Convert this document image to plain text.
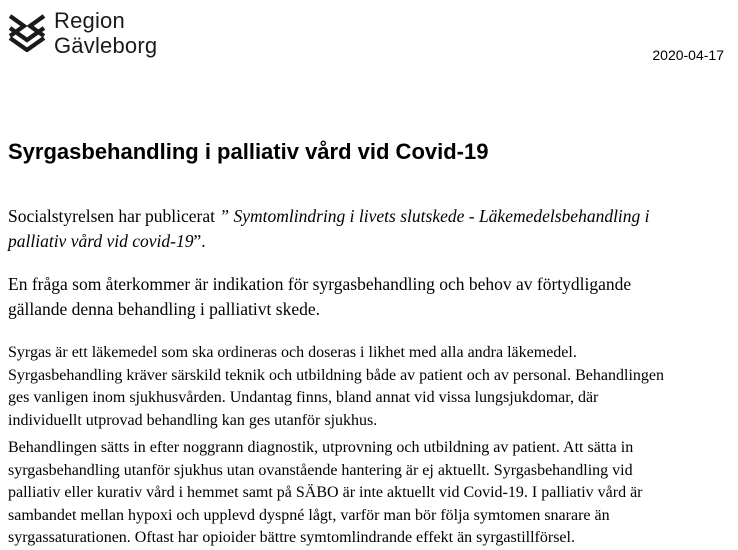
Region
Gävleborg	2020-04-17
Syrgasbehandling i palliativ vård vid Covid-19

Socialstyrelsen har publicerat ” Symtomlindring i livets slutskede - Läkemedelsbehandling i
palliativ vård vid covid-19”.

En fråga som återkommer är indikation för syrgasbehandling och behov av förtydligande
gällande denna behandling i palliativt skede.

Syrgas är ett läkemedel som ska ordineras och doseras i likhet med alla andra läkemedel.
Syrgasbehandling kräver särskild teknik och utbildning både av patient och av personal. Behandlingen
ges vanligen inom sjukhusvården. Undantag finns, bland annat vid vissa lungsjukdomar, där
individuellt utprovad behandling kan ges utanför sjukhus.

Behandlingen sätts in efter noggrann diagnostik, utprovning och utbildning av patient. Att sätta in
syrgasbehandling utanför sjukhus utan ovanstående hantering är ej aktuellt. Syrgasbehandling vid
palliativ eller kurativ vård i hemmet samt på SÄBO är inte aktuellt vid Covid-19. I palliativ vård är
sambandet mellan hypoxi och upplevd dyspné lågt, varför man bör följa symtomen snarare än
syrgassaturationen. Oftast har opioider bättre symtomlindrande effekt än syrgastillförsel.
